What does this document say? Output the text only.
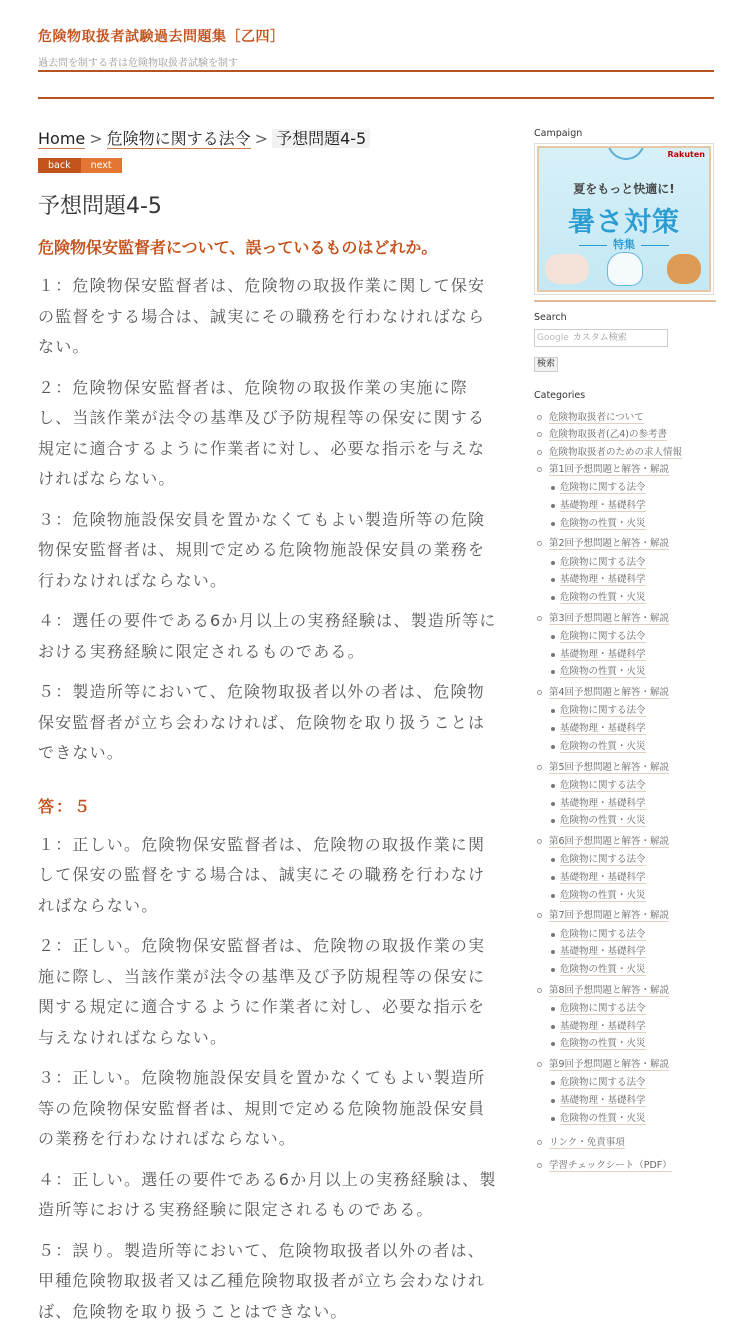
危険物取扱者試験過去問題集［乙四］
過去問を制する者は危険物取扱者試験を制す
Home > 危険物に関する法令 > 予想問題4-5
back	next
予想問題4-5
危険物保安監督者について、誤っているものはどれか。

１：危険物保安監督者は、危険物の取扱作業に関して保安の監督をする場合は、誠実にその職務を行わなければならない。

２：危険物保安監督者は、危険物の取扱作業の実施に際し、当該作業が法令の基準及び予防規程等の保安に関する規定に適合するように作業者に対し、必要な指示を与えなければならない。

３：危険物施設保安員を置かなくてもよい製造所等の危険物保安監督者は、規則で定める危険物施設保安員の業務を行わなければならない。

４：選任の要件である6か月以上の実務経験は、製造所等における実務経験に限定されるものである。

５：製造所等において、危険物取扱者以外の者は、危険物保安監督者が立ち会わなければ、危険物を取り扱うことはできない。

答：５

１：正しい。危険物保安監督者は、危険物の取扱作業に関して保安の監督をする場合は、誠実にその職務を行わなければならない。

２：正しい。危険物保安監督者は、危険物の取扱作業の実施に際し、当該作業が法令の基準及び予防規程等の保安に関する規定に適合するように作業者に対し、必要な指示を与えなければならない。

３：正しい。危険物施設保安員を置かなくてもよい製造所等の危険物保安監督者は、規則で定める危険物施設保安員の業務を行わなければならない。

４：正しい。選任の要件である6か月以上の実務経験は、製造所等における実務経験に限定されるものである。

５：誤り。製造所等において、危険物取扱者以外の者は、甲種危険物取扱者又は乙種危険物取扱者が立ち会わなければ、危険物を取り扱うことはできない。

Campaign
Rakuten
夏をもっと快適に!
暑さ対策
特集
Search
Google カスタム検索
検索
Categories
危険物取扱者について
危険物取扱者(乙4)の参考書
危険物取扱者のための求人情報
第1回予想問題と解答・解説
危険物に関する法令
基礎物理・基礎科学
危険物の性質・火災
第2回予想問題と解答・解説
危険物に関する法令
基礎物理・基礎科学
危険物の性質・火災
第3回予想問題と解答・解説
危険物に関する法令
基礎物理・基礎科学
危険物の性質・火災
第4回予想問題と解答・解説
危険物に関する法令
基礎物理・基礎科学
危険物の性質・火災
第5回予想問題と解答・解説
危険物に関する法令
基礎物理・基礎科学
危険物の性質・火災
第6回予想問題と解答・解説
危険物に関する法令
基礎物理・基礎科学
危険物の性質・火災
第7回予想問題と解答・解説
危険物に関する法令
基礎物理・基礎科学
危険物の性質・火災
第8回予想問題と解答・解説
危険物に関する法令
基礎物理・基礎科学
危険物の性質・火災
第9回予想問題と解答・解説
危険物に関する法令
基礎物理・基礎科学
危険物の性質・火災
リンク・免責事項
学習チェックシート（PDF）
